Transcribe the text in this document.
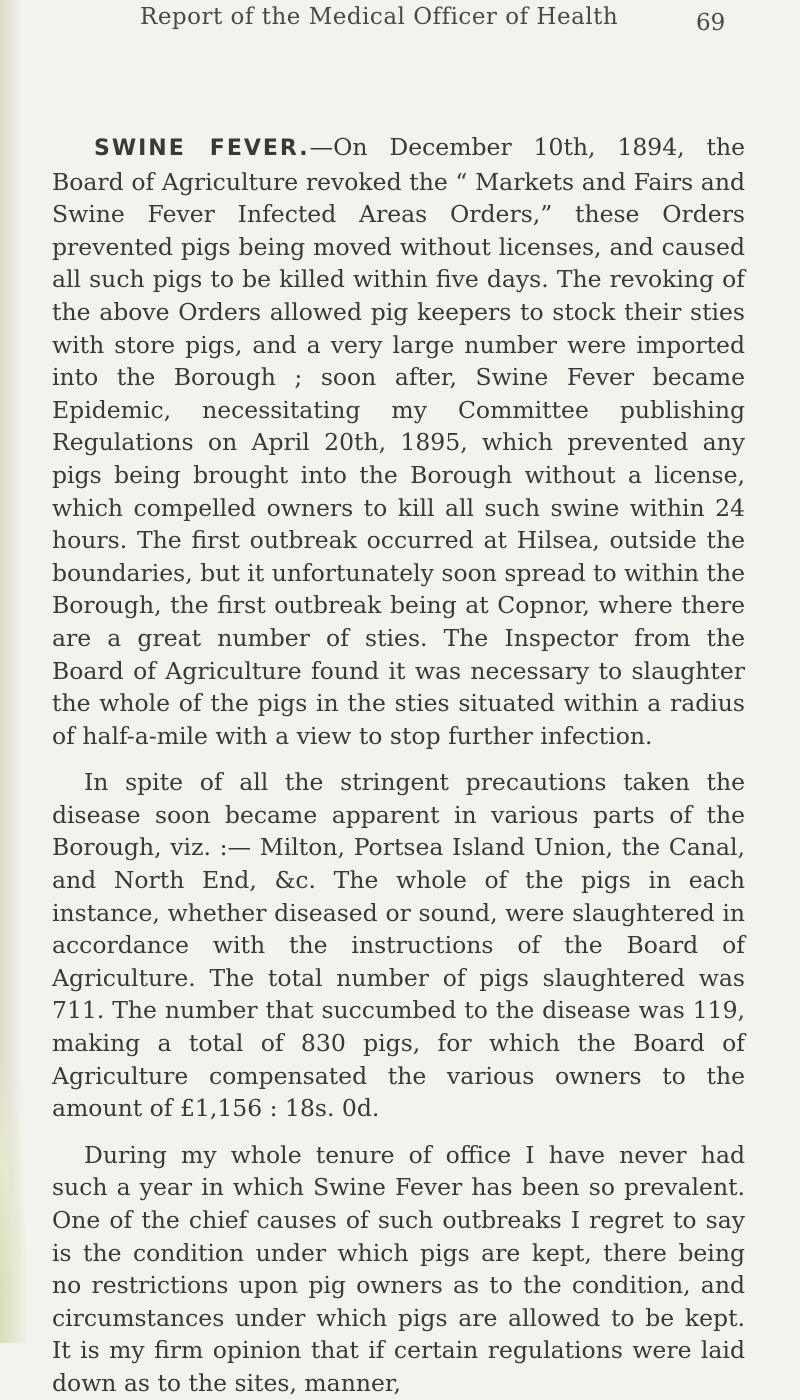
Report of the Medical Officer of Health	69

SWINE FEVER.—On December 10th, 1894, the Board of Agriculture revoked the “ Markets and Fairs and Swine Fever Infected Areas Orders,” these Orders prevented pigs being moved without licenses, and caused all such pigs to be killed within five days. The revoking of the above Orders allowed pig keepers to stock their sties with store pigs, and a very large number were imported into the Borough ; soon after, Swine Fever became Epidemic, necessitating my Committee publishing Regulations on April 20th, 1895, which prevented any pigs being brought into the Borough without a license, which compelled owners to kill all such swine within 24 hours. The first outbreak occurred at Hilsea, outside the boundaries, but it unfortunately soon spread to within the Borough, the first outbreak being at Copnor, where there are a great number of sties. The Inspector from the Board of Agriculture found it was necessary to slaughter the whole of the pigs in the sties situated within a radius of half-a-mile with a view to stop further infection.

In spite of all the stringent precautions taken the disease soon became apparent in various parts of the Borough, viz. :— Milton, Portsea Island Union, the Canal, and North End, &c. The whole of the pigs in each instance, whether diseased or sound, were slaughtered in accordance with the instructions of the Board of Agriculture. The total number of pigs slaughtered was 711. The number that succumbed to the disease was 119, making a total of 830 pigs, for which the Board of Agriculture compensated the various owners to the amount of £1,156 : 18s. 0d.

During my whole tenure of office I have never had such a year in which Swine Fever has been so prevalent. One of the chief causes of such outbreaks I regret to say is the condition under which pigs are kept, there being no restrictions upon pig owners as to the condition, and circumstances under which pigs are allowed to be kept. It is my firm opinion that if certain regulations were laid down as to the sites, manner,
